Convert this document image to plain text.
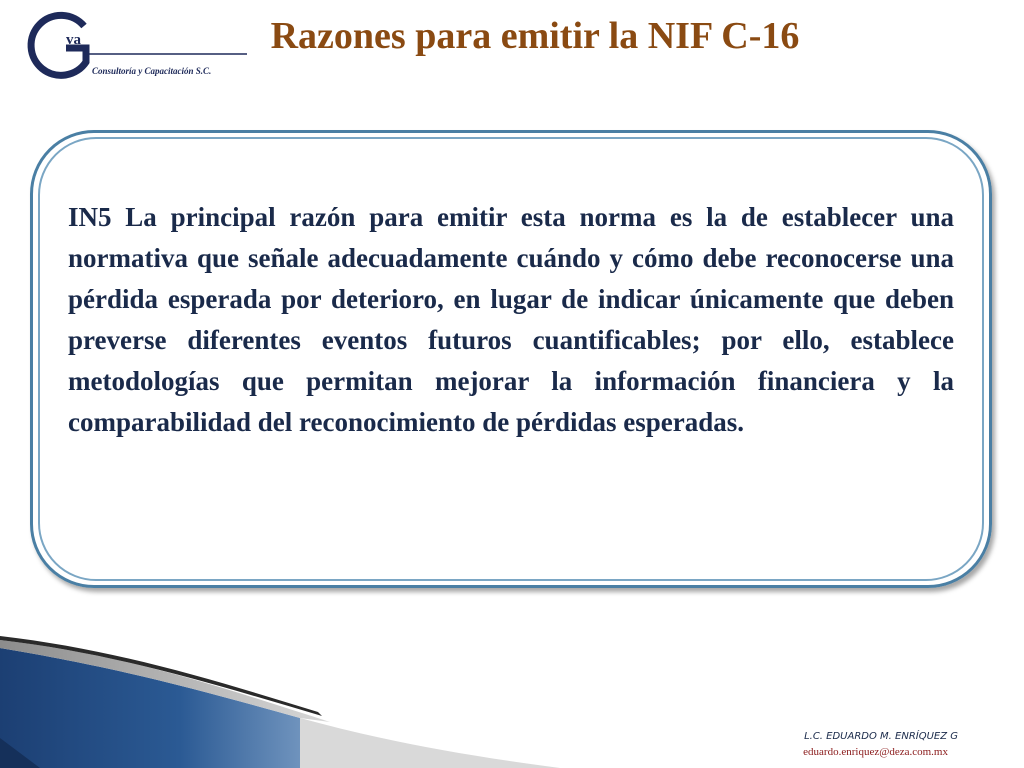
va
Consultoría y Capacitación S.C.
Razones para emitir la NIF C-16

IN5 La principal razón para emitir esta norma es la de establecer una normativa que señale adecuadamente cuándo y cómo debe reconocerse una pérdida esperada por deterioro, en lugar de indicar únicamente que deben preverse diferentes eventos futuros cuantificables; por ello, establece metodologías que permitan mejorar la información financiera y la comparabilidad del reconocimiento de pérdidas esperadas.

L.C. EDUARDO M. ENRÍQUEZ G
eduardo.enriquez@deza.com.mx
